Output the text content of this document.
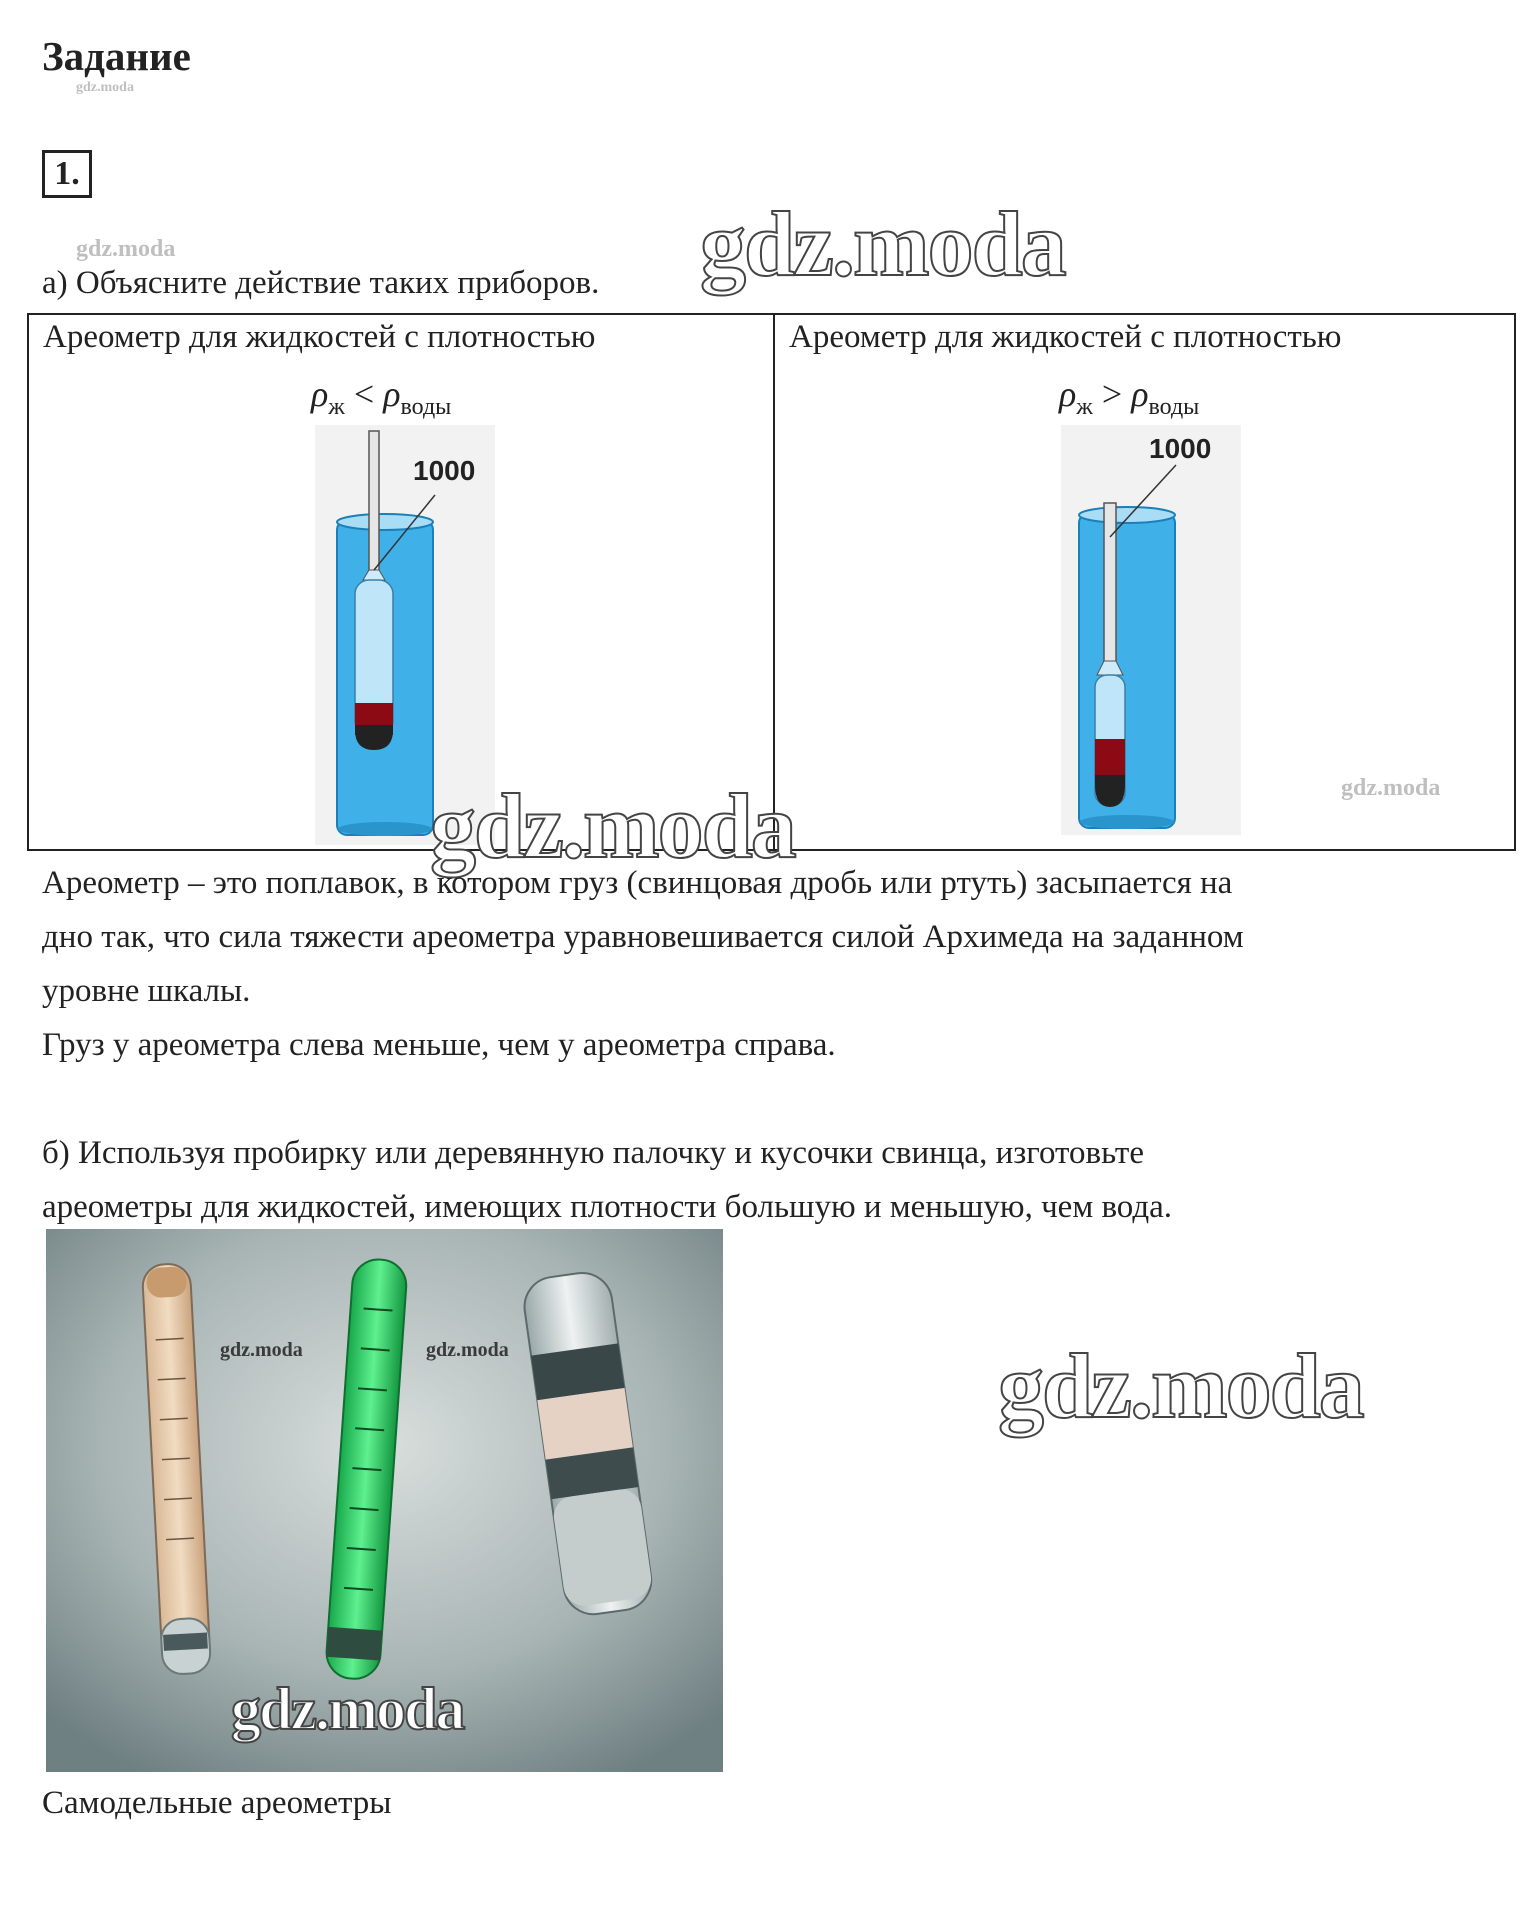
Задание
gdz.moda
1.
gdz.moda	gdz.moda
а) Объясните действие таких приборов.
Ареометр для жидкостей с плотностью
$\rho_ж < \rho_{воды}$
1000
Ареометр для жидкостей с плотностью
$\rho_ж > \rho_{воды}$
1000
gdz.moda
gdz.moda
Ареометр – это поплавок, в котором груз (свинцовая дробь или ртуть) засыпается на
дно так, что сила тяжести ареометра уравновешивается силой Архимеда на заданном
уровне шкалы.
Груз у ареометра слева меньше, чем у ареометра справа.
б) Используя пробирку или деревянную палочку и кусочки свинца, изготовьте
ареометры для жидкостей, имеющих плотности большую и меньшую, чем вода.
gdz.moda	gdz.moda
gdz.moda
gdz.moda
Самодельные ареометры
